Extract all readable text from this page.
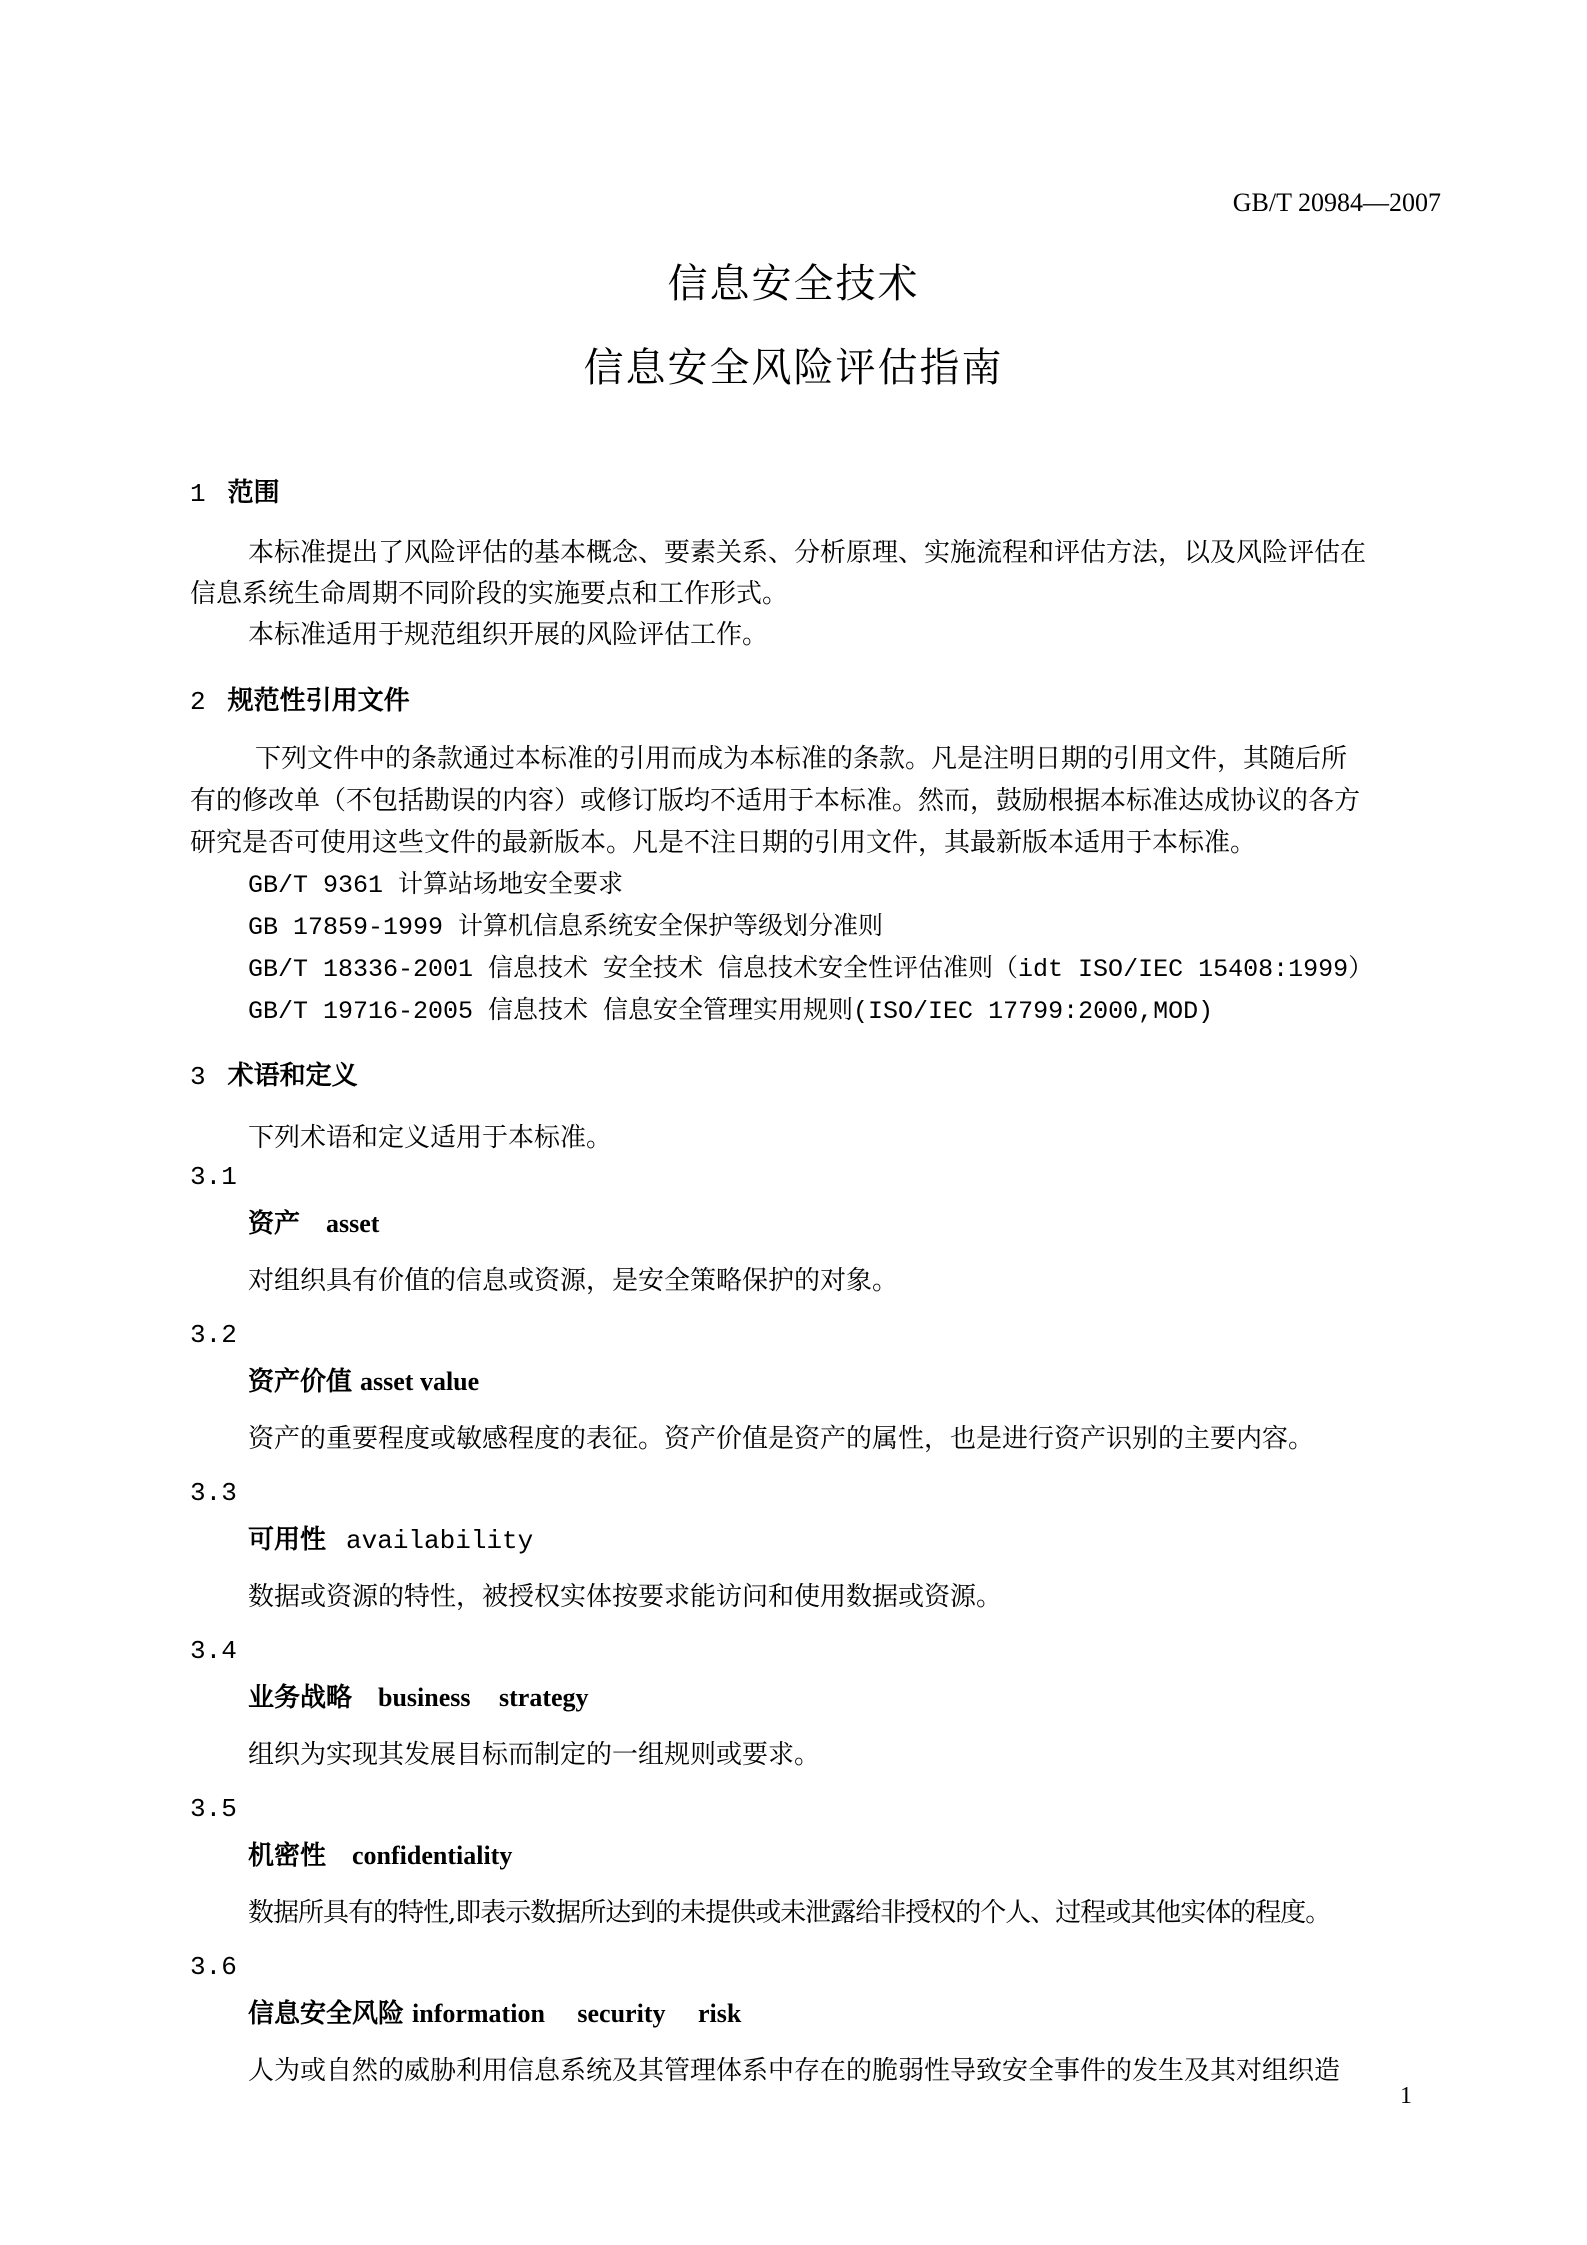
GB/T 20984—2007
信息安全技术
信息安全风险评估指南
1 范围
本标准提出了风险评估的基本概念、要素关系、分析原理、实施流程和评估方法，以及风险评估在
信息系统生命周期不同阶段的实施要点和工作形式。
本标准适用于规范组织开展的风险评估工作。
2 规范性引用文件
下列文件中的条款通过本标准的引用而成为本标准的条款。凡是注明日期的引用文件，其随后所
有的修改单（不包括勘误的内容）或修订版均不适用于本标准。然而，鼓励根据本标准达成协议的各方
研究是否可使用这些文件的最新版本。凡是不注日期的引用文件，其最新版本适用于本标准。
GB/T 9361 计算站场地安全要求
GB 17859-1999 计算机信息系统安全保护等级划分准则
GB/T 18336-2001 信息技术 安全技术 信息技术安全性评估准则（idt ISO/IEC 15408:1999）
GB/T 19716-2005 信息技术 信息安全管理实用规则(ISO/IEC 17799:2000,MOD)
3 术语和定义
下列术语和定义适用于本标准。
3.1
资产 asset
对组织具有价值的信息或资源，是安全策略保护的对象。
3.2
资产价值 asset value
资产的重要程度或敏感程度的表征。资产价值是资产的属性，也是进行资产识别的主要内容。
3.3
可用性 availability
数据或资源的特性，被授权实体按要求能访问和使用数据或资源。
3.4
业务战略 business strategy
组织为实现其发展目标而制定的一组规则或要求。
3.5
机密性 confidentiality
数据所具有的特性,即表示数据所达到的未提供或未泄露给非授权的个人、过程或其他实体的程度。
3.6
信息安全风险 information security risk
人为或自然的威胁利用信息系统及其管理体系中存在的脆弱性导致安全事件的发生及其对组织造
1
